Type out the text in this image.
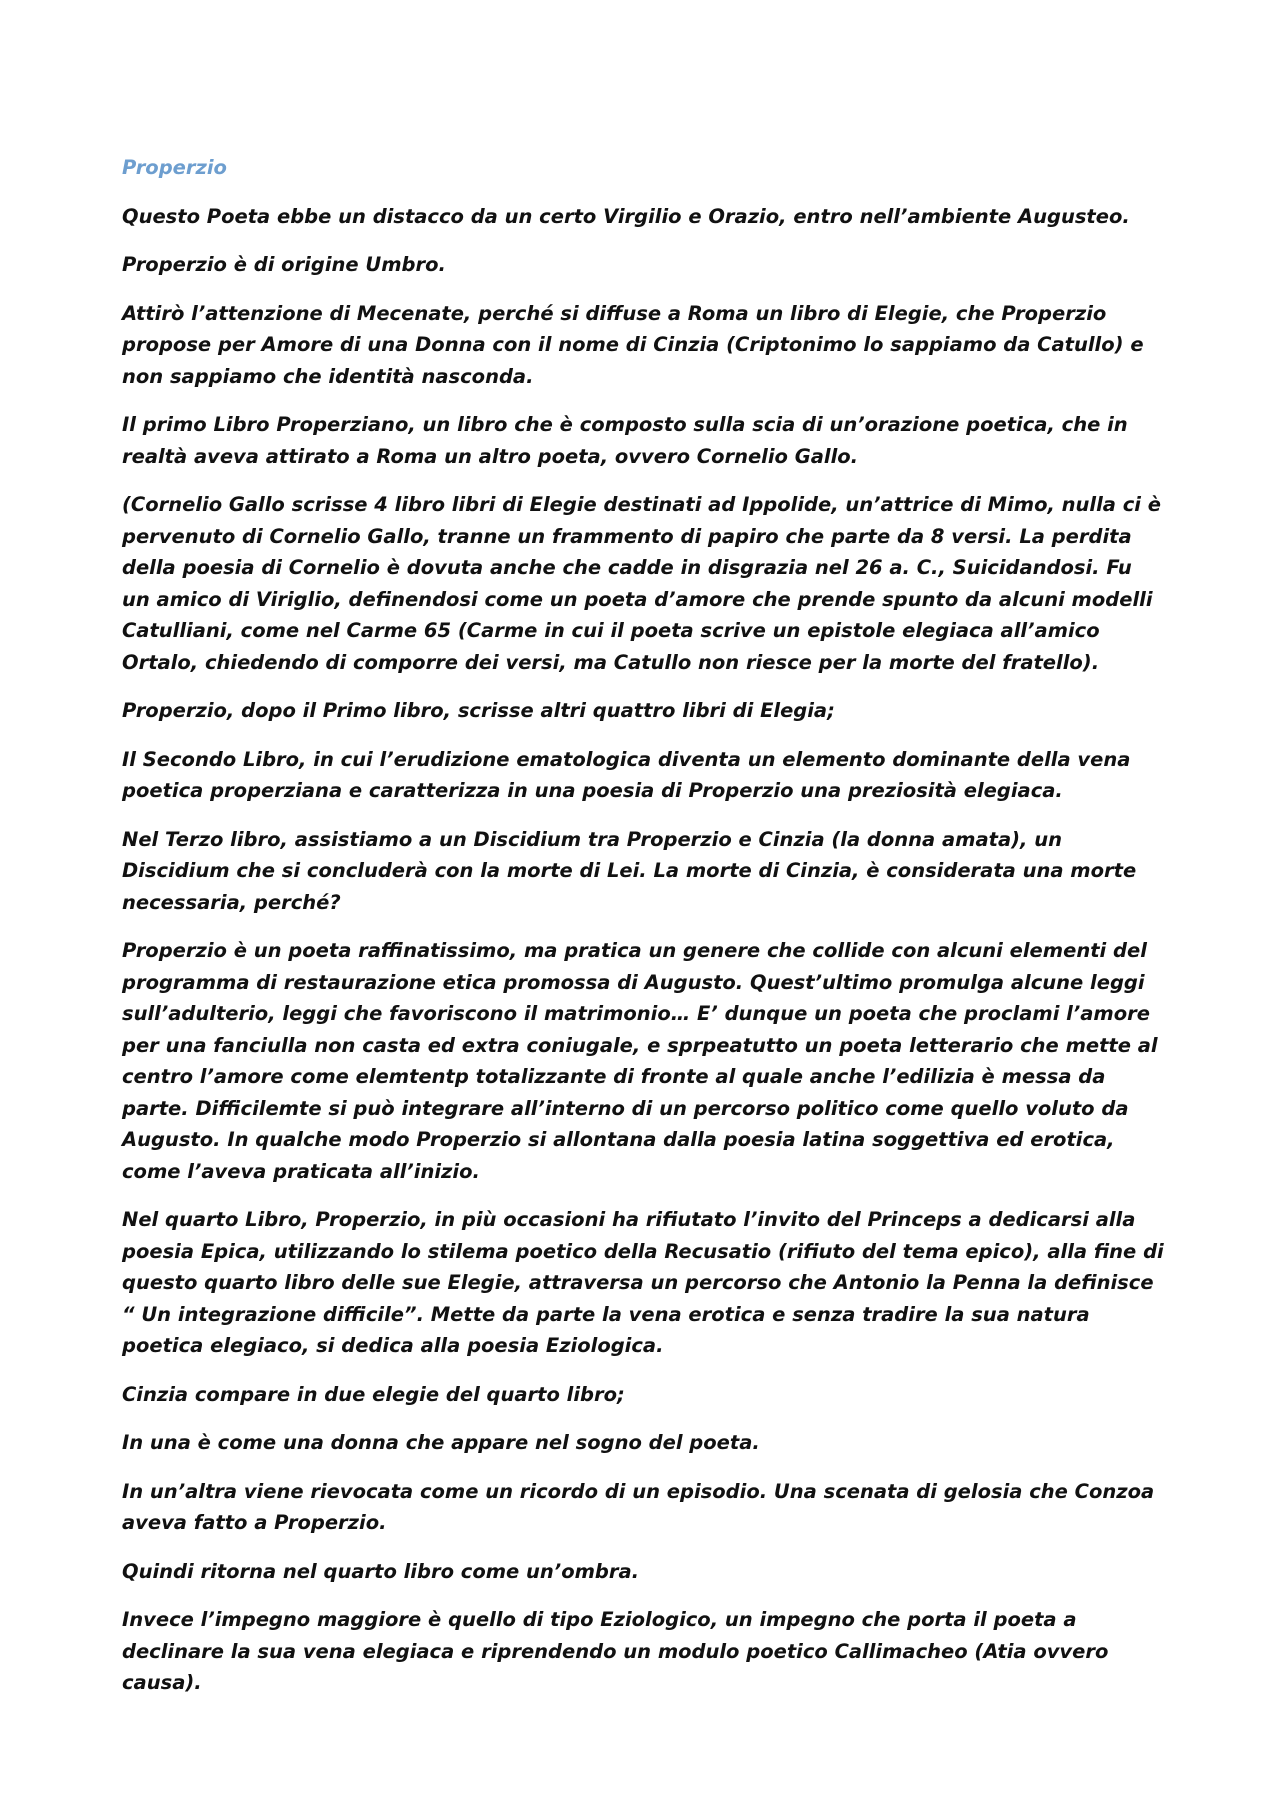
Properzio

Questo Poeta ebbe un distacco da un certo Virgilio e Orazio, entro nell’ambiente Augusteo.

Properzio è di origine Umbro.

Attirò l’attenzione di Mecenate, perché si diffuse a Roma un libro di Elegie, che Properzio propose per Amore di una Donna con il nome di Cinzia (Criptonimo lo sappiamo da Catullo) e non sappiamo che identità nasconda.

Il primo Libro Properziano, un libro che è composto sulla scia di un’orazione poetica, che in realtà aveva attirato a Roma un altro poeta, ovvero Cornelio Gallo.

(Cornelio Gallo scrisse 4 libro libri di Elegie destinati ad Ippolide, un’attrice di Mimo, nulla ci è pervenuto di Cornelio Gallo, tranne un frammento di papiro che parte da 8 versi. La perdita della poesia di Cornelio è dovuta anche che cadde in disgrazia nel 26 a. C., Suicidandosi. Fu un amico di Viriglio, definendosi come un poeta d’amore che prende spunto da alcuni modelli Catulliani, come nel Carme 65 (Carme in cui il poeta scrive un epistole elegiaca all’amico Ortalo, chiedendo di comporre dei versi, ma Catullo non riesce per la morte del fratello).

Properzio, dopo il Primo libro, scrisse altri quattro libri di Elegia;

Il Secondo Libro, in cui l’erudizione ematologica diventa un elemento dominante della vena poetica properziana e caratterizza in una poesia di Properzio una preziosità elegiaca.

Nel Terzo libro, assistiamo a un Discidium tra Properzio e Cinzia (la donna amata), un Discidium che si concluderà con la morte di Lei. La morte di Cinzia, è considerata una morte necessaria, perché?

Properzio è un poeta raffinatissimo, ma pratica un genere che collide con alcuni elementi del programma di restaurazione etica promossa di Augusto. Quest’ultimo promulga alcune leggi sull’adulterio, leggi che favoriscono il matrimonio… E’ dunque un poeta che proclami l’amore per una fanciulla non casta ed extra coniugale, e sprpeatutto un poeta letterario che mette al centro l’amore come elemtentp totalizzante di fronte al quale anche l’edilizia è messa da parte. Difficilemte si può integrare all’interno di un percorso politico come quello voluto da Augusto. In qualche modo Properzio si allontana dalla poesia latina soggettiva ed erotica, come l’aveva praticata all’inizio.

Nel quarto Libro, Properzio, in più occasioni ha rifiutato l’invito del Princeps a dedicarsi alla poesia Epica, utilizzando lo stilema poetico della Recusatio (rifiuto del tema epico), alla fine di questo quarto libro delle sue Elegie, attraversa un percorso che Antonio la Penna la definisce “ Un integrazione difficile”. Mette da parte la vena erotica e senza tradire la sua natura poetica elegiaco, si dedica alla poesia Eziologica.

Cinzia compare in due elegie del quarto libro;

In una è come una donna che appare nel sogno del poeta.

In un’altra viene rievocata come un ricordo di un episodio. Una scenata di gelosia che Conzoa aveva fatto a Properzio.

Quindi ritorna nel quarto libro come un’ombra.

Invece l’impegno maggiore è quello di tipo Eziologico, un impegno che porta il poeta a declinare la sua vena elegiaca e riprendendo un modulo poetico Callimacheo (Atia ovvero causa).
